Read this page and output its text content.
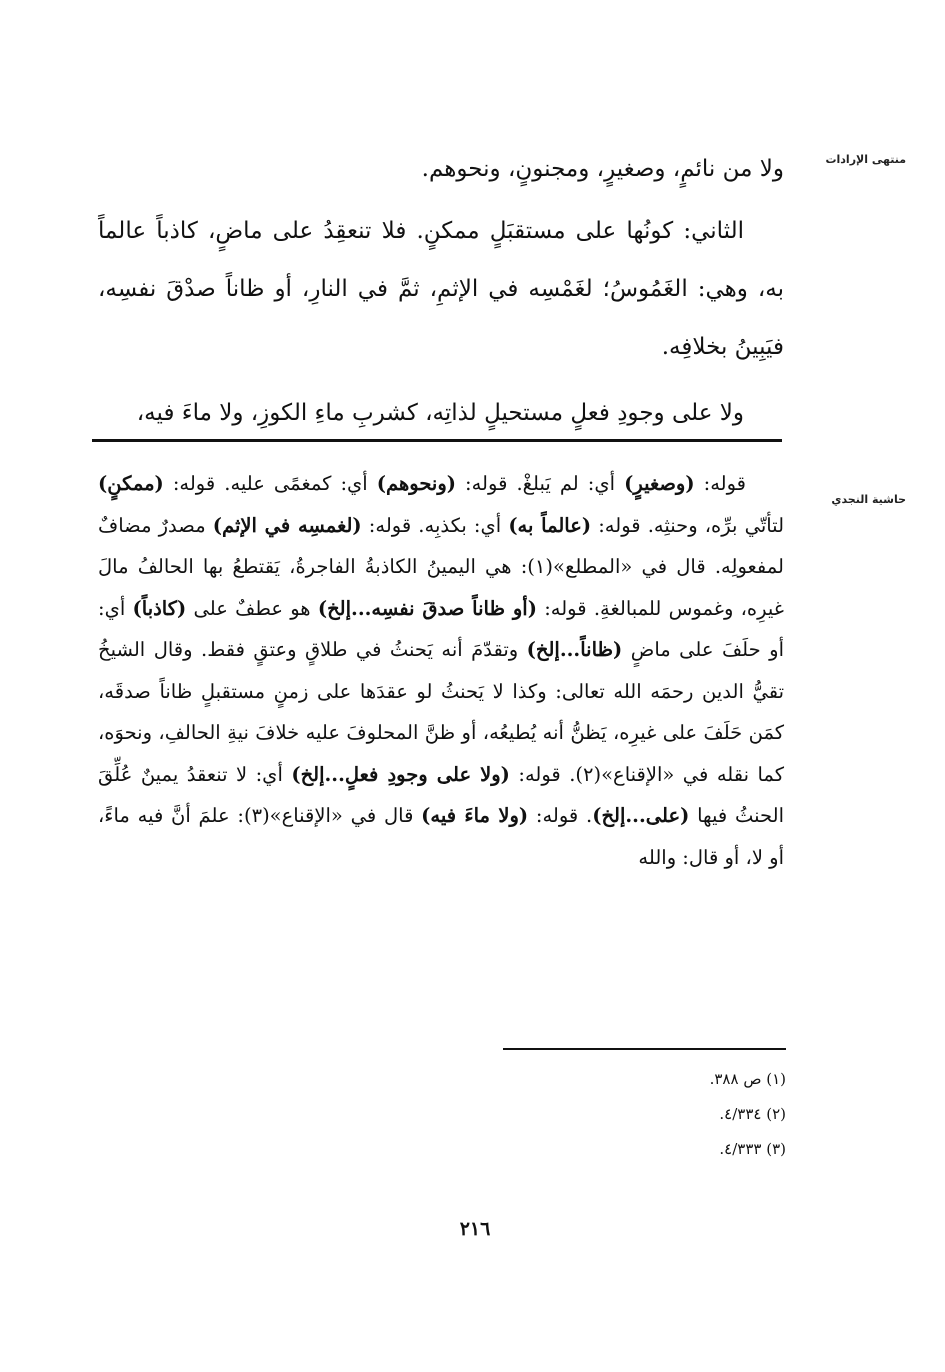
منتهى الإرادات
حاشية النجدي

ولا من نائمٍ، وصغيرٍ، ومجنونٍ، ونحوهم.

الثاني: كونُها على مستقبَلٍ ممكنٍ. فلا تنعقِدُ على ماضٍ، كاذباً عالماً به، وهي: الغَمُوسُ؛ لغَمْسِه في الإثمِ، ثمَّ في النارِ، أو ظاناً صدْقَ نفسِه، فيَبِينُ بخلافِه.

ولا على وجودِ فعلٍ مستحيلٍ لذاتِه، كشربِ ماءِ الكوزِ، ولا ماءَ فيه،

قوله: (وصغيرٍ) أي: لم يَبلغْ. قوله: (ونحوهم) أي: كمغمًى عليه. قوله: (ممكنٍ) لتأتّي برِّه، وحنثِه. قوله: (عالماً به) أي: بكذبِه. قوله: (لغمسِه في الإثم) مصدرٌ مضافٌ لمفعولِه. قال في «المطلع»(١): هي اليمينُ الكاذبةُ الفاجرةُ، يَقتطعُ بها الحالفُ مالَ غيرِه، وغموس للمبالغةِ. قوله: (أو ظاناً صدقَ نفسِه...إلخ) هو عطفٌ على (كاذباً) أي: أو حلَفَ على ماضٍ (ظاناً...إلخ) وتقدّمَ أنه يَحنثُ في طلاقٍ وعتقٍ فقط. وقال الشيخُ تقيُّ الدين رحمَه الله تعالى: وكذا لا يَحنثُ لو عقدَها على زمنٍ مستقبلٍ ظاناً صدقَه، كمَن حَلَفَ على غيرِه، يَظنُّ أنه يُطيعُه، أو ظنَّ المحلوفَ عليه خلافَ نيةِ الحالفِ، ونحوَه، كما نقله في «الإقناع»(٢). قوله: (ولا على وجودِ فعلٍ...إلخ) أي: لا تنعقدُ يمينٌ عُلِّقَ الحنثُ فيها (على...إلخ). قوله: (ولا ماءَ فيه) قال في «الإقناع»(٣): علمَ أنَّ فيه ماءً، أو لا، أو قال: والله

(١) ص ٣٨٨.
(٢) ٤/٣٣٤.
(٣) ٤/٣٣٣.
٢١٦
